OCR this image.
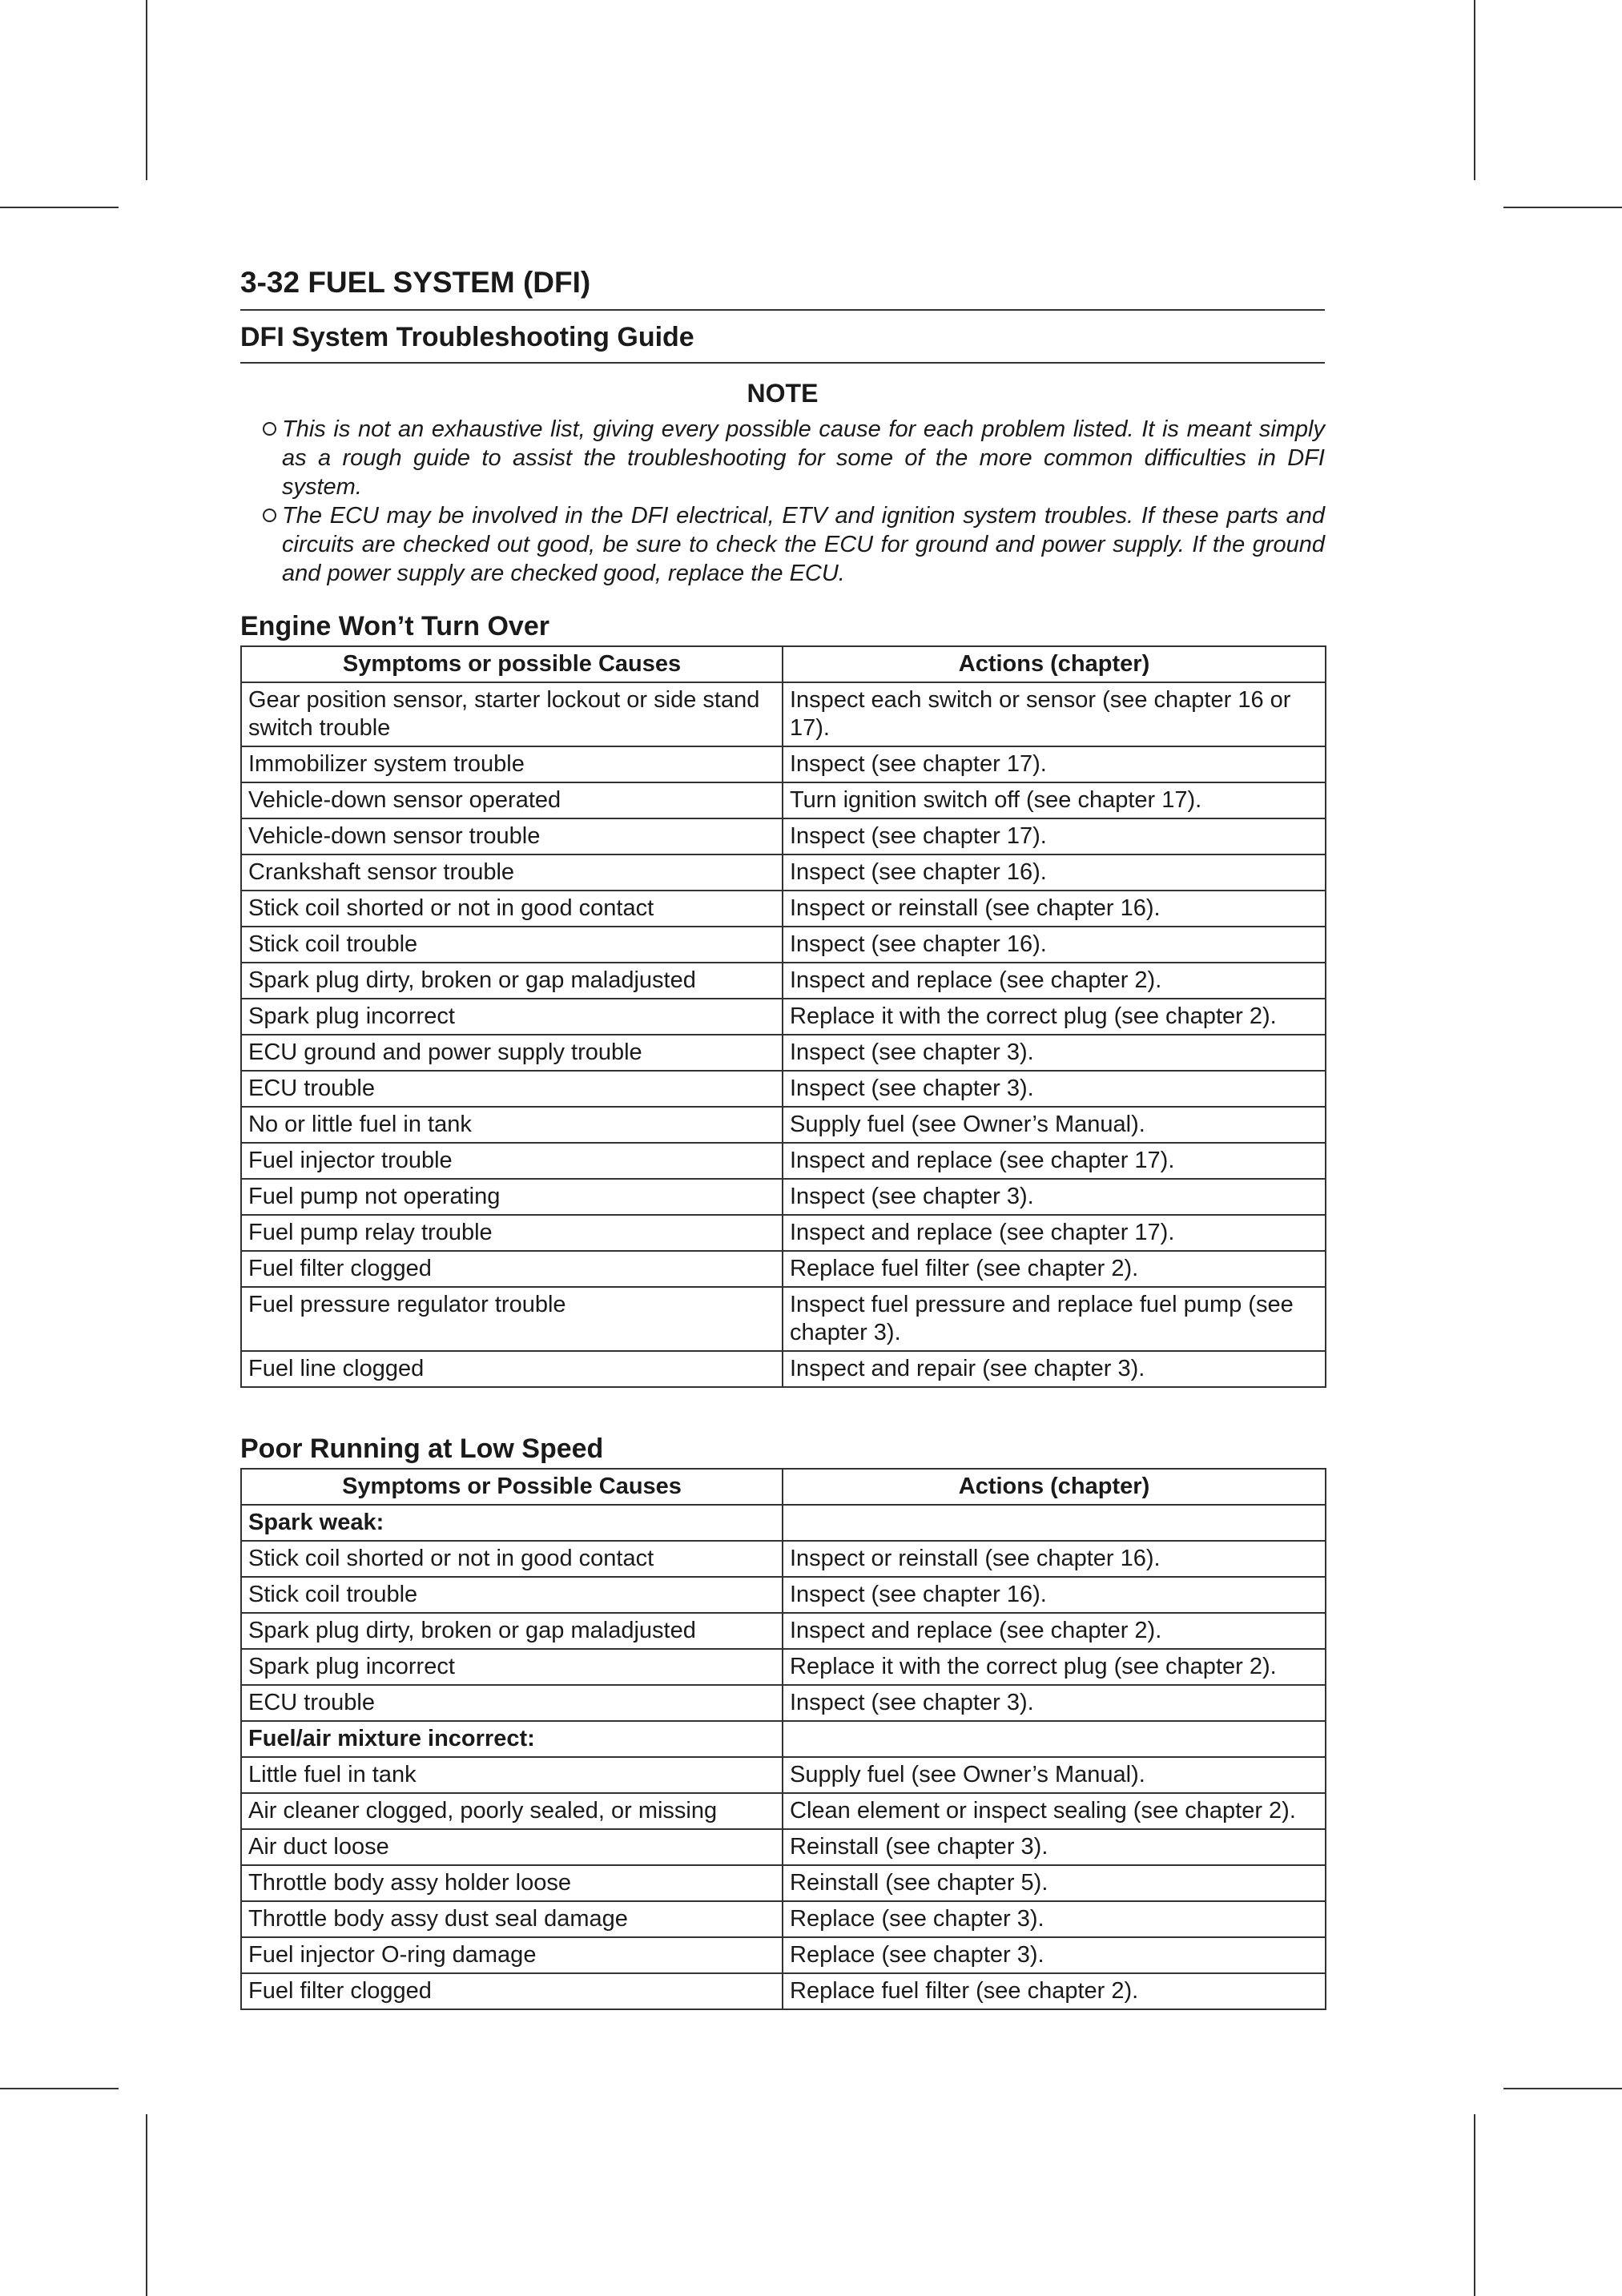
3-32 FUEL SYSTEM (DFI)
DFI System Troubleshooting Guide
NOTE
This is not an exhaustive list, giving every possible cause for each problem listed. It is meant simply as a rough guide to assist the troubleshooting for some of the more common difficulties in DFI system.
The ECU may be involved in the DFI electrical, ETV and ignition system troubles. If these parts and circuits are checked out good, be sure to check the ECU for ground and power supply. If the ground and power supply are checked good, replace the ECU.
Engine Won’t Turn Over
Symptoms or possible Causes	Actions (chapter)
Gear position sensor, starter lockout or side stand switch trouble	Inspect each switch or sensor (see chapter 16 or 17).
Immobilizer system trouble	Inspect (see chapter 17).
Vehicle-down sensor operated	Turn ignition switch off (see chapter 17).
Vehicle-down sensor trouble	Inspect (see chapter 17).
Crankshaft sensor trouble	Inspect (see chapter 16).
Stick coil shorted or not in good contact	Inspect or reinstall (see chapter 16).
Stick coil trouble	Inspect (see chapter 16).
Spark plug dirty, broken or gap maladjusted	Inspect and replace (see chapter 2).
Spark plug incorrect	Replace it with the correct plug (see chapter 2).
ECU ground and power supply trouble	Inspect (see chapter 3).
ECU trouble	Inspect (see chapter 3).
No or little fuel in tank	Supply fuel (see Owner’s Manual).
Fuel injector trouble	Inspect and replace (see chapter 17).
Fuel pump not operating	Inspect (see chapter 3).
Fuel pump relay trouble	Inspect and replace (see chapter 17).
Fuel filter clogged	Replace fuel filter (see chapter 2).
Fuel pressure regulator trouble	Inspect fuel pressure and replace fuel pump (see chapter 3).
Fuel line clogged	Inspect and repair (see chapter 3).
Poor Running at Low Speed
Symptoms or Possible Causes	Actions (chapter)
Spark weak:	
Stick coil shorted or not in good contact	Inspect or reinstall (see chapter 16).
Stick coil trouble	Inspect (see chapter 16).
Spark plug dirty, broken or gap maladjusted	Inspect and replace (see chapter 2).
Spark plug incorrect	Replace it with the correct plug (see chapter 2).
ECU trouble	Inspect (see chapter 3).
Fuel/air mixture incorrect:	
Little fuel in tank	Supply fuel (see Owner’s Manual).
Air cleaner clogged, poorly sealed, or missing	Clean element or inspect sealing (see chapter 2).
Air duct loose	Reinstall (see chapter 3).
Throttle body assy holder loose	Reinstall (see chapter 5).
Throttle body assy dust seal damage	Replace (see chapter 3).
Fuel injector O-ring damage	Replace (see chapter 3).
Fuel filter clogged	Replace fuel filter (see chapter 2).
